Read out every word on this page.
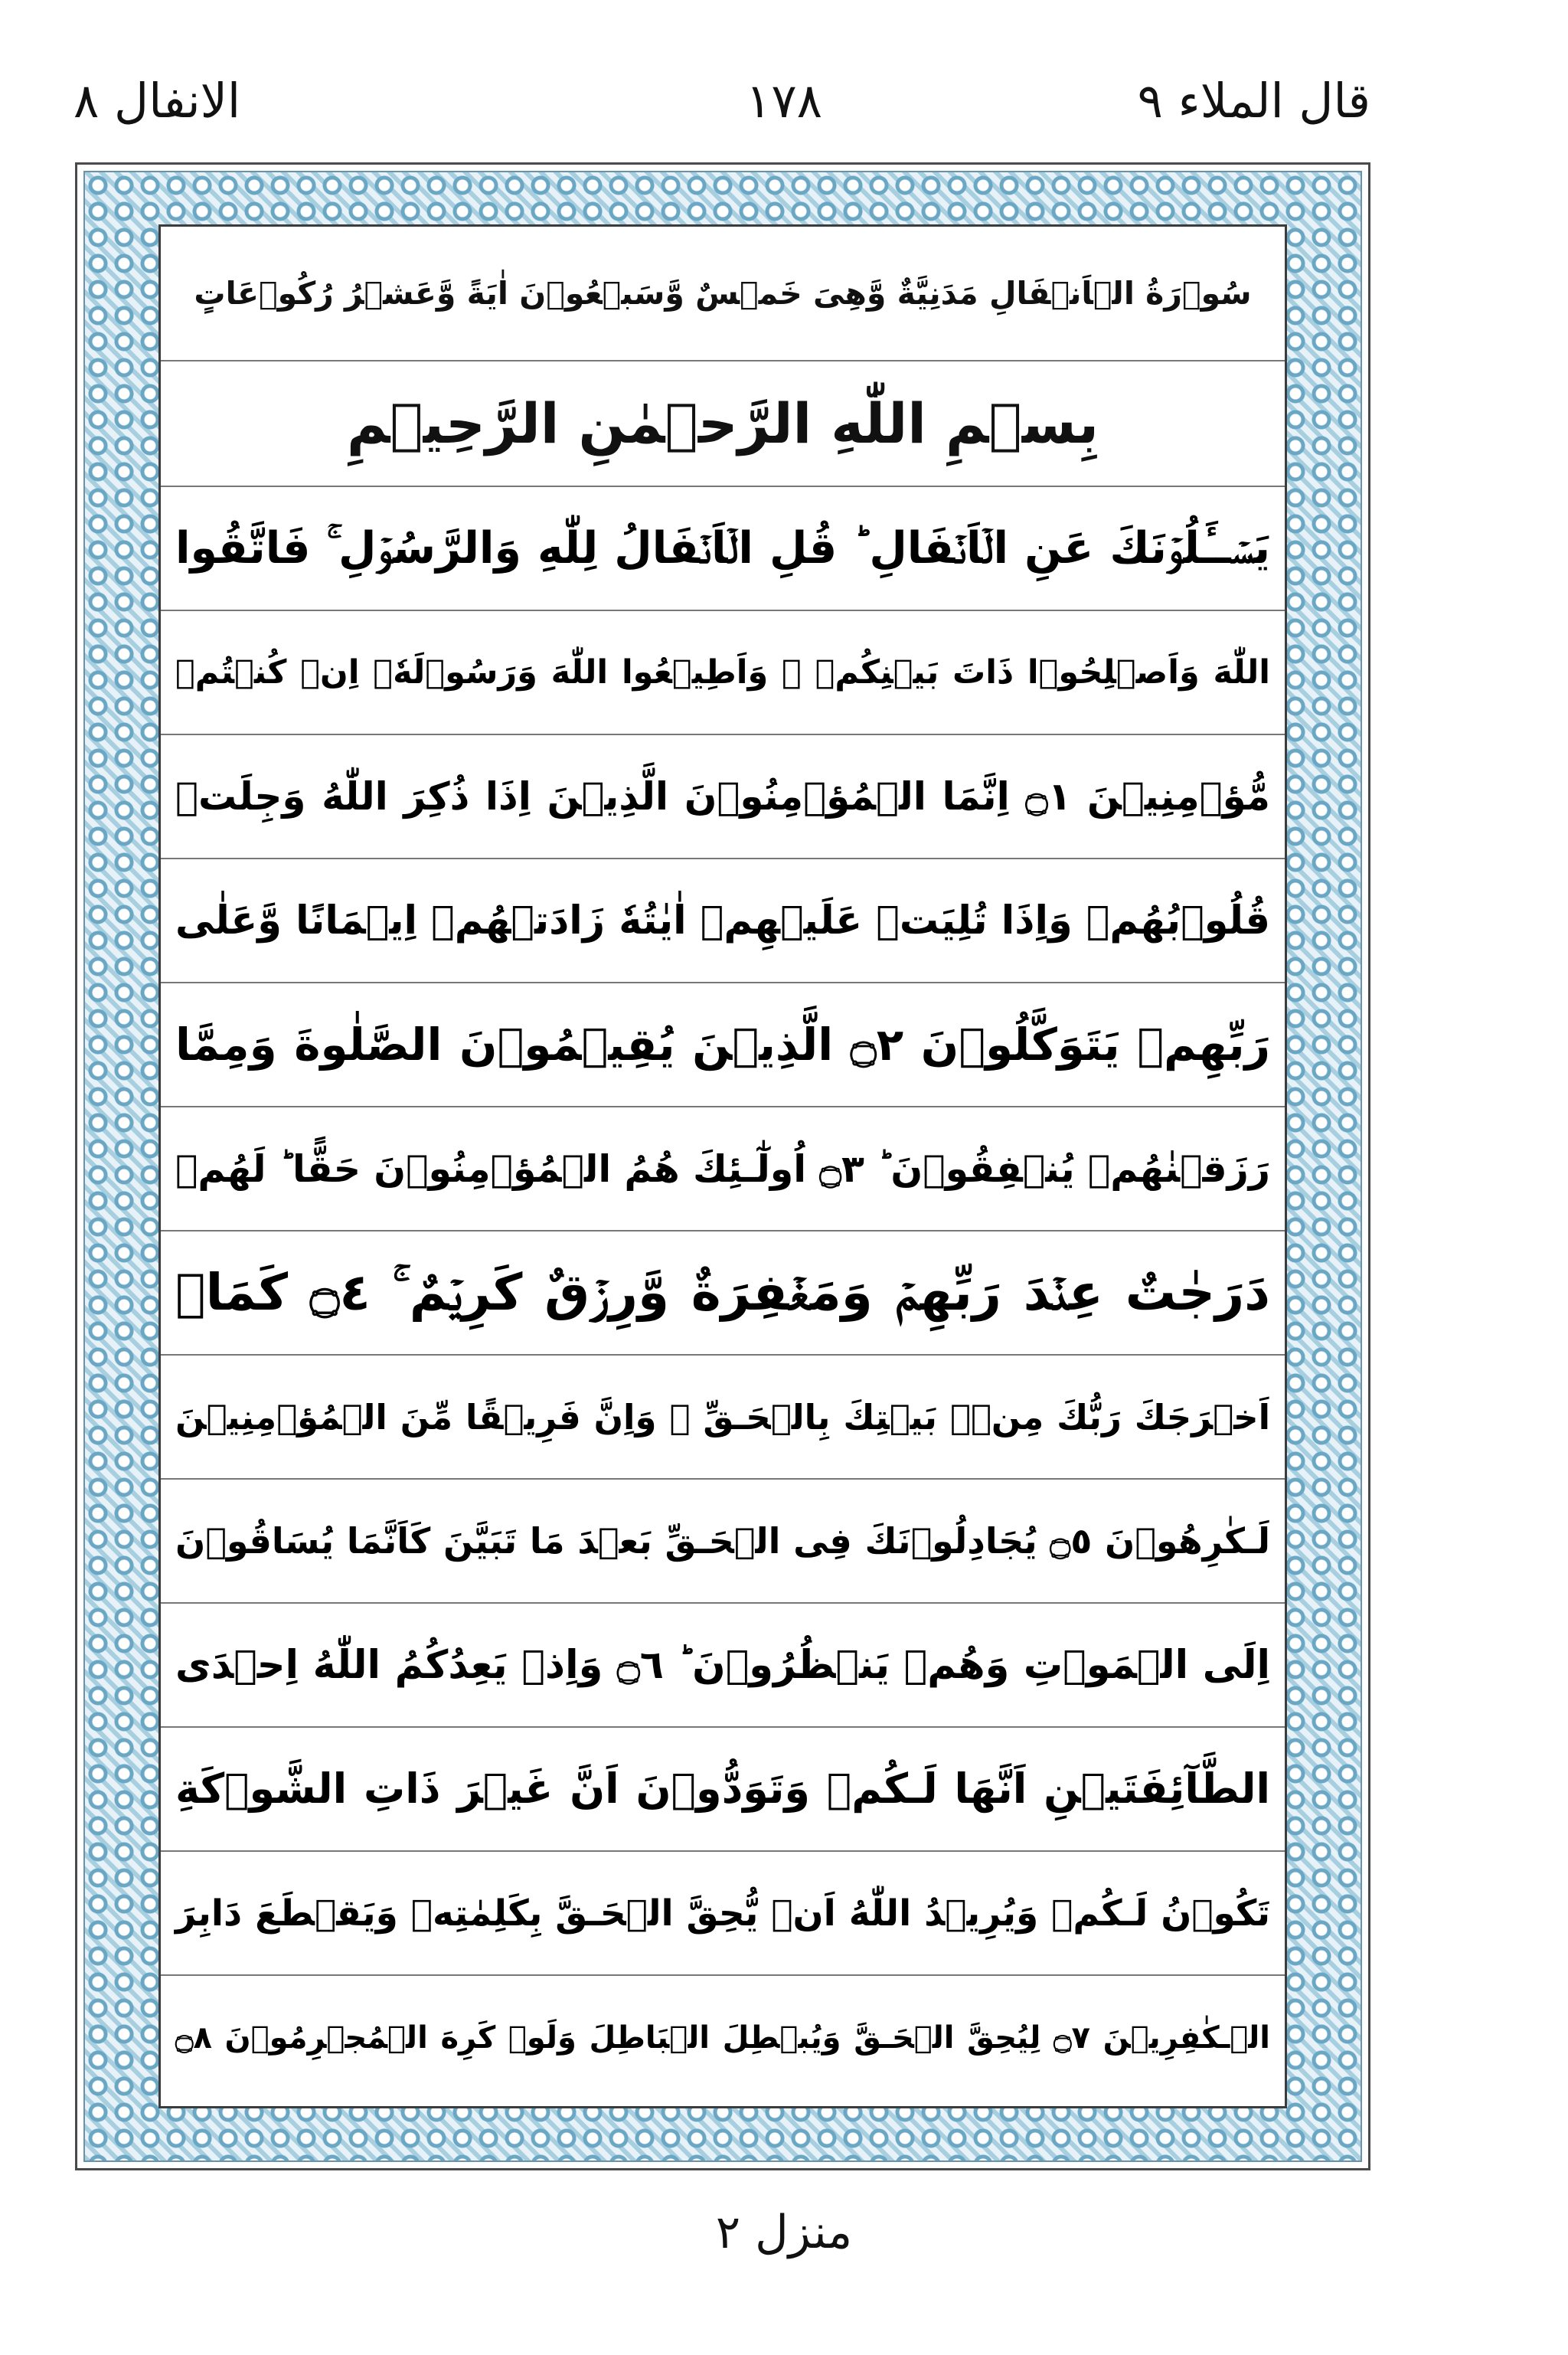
قال الملاء ٩
١٧٨
الانفال ٨
سُوۡرَةُ الۡاَنۡفَالِ مَدَنِيَّةٌ وَّهِىَ خَمۡسٌ وَّسَبۡعُوۡنَ اٰيَةً وَّعَشۡرُ رُكُوۡعَاتٍ
بِسۡمِ اللّٰهِ الرَّحۡمٰنِ الرَّحِيۡمِ
يَسۡــَٔلُوۡنَكَ عَنِ الۡاَنۡفَالِ ؕ قُلِ الۡاَنۡفَالُ لِلّٰهِ وَالرَّسُوۡلِ ۚ فَاتَّقُوا
اللّٰهَ وَاَصۡلِحُوۡا ذَاتَ بَيۡنِكُمۡ ۖ وَاَطِيۡعُوا اللّٰهَ وَرَسُوۡلَهٗۤ اِنۡ كُنۡتُمۡ
مُّؤۡمِنِيۡنَ ۝١ اِنَّمَا الۡمُؤۡمِنُوۡنَ الَّذِيۡنَ اِذَا ذُكِرَ اللّٰهُ وَجِلَتۡ
قُلُوۡبُهُمۡ وَاِذَا تُلِيَتۡ عَلَيۡهِمۡ اٰيٰتُهٗ زَادَتۡهُمۡ اِيۡمَانًا وَّعَلٰى
رَبِّهِمۡ يَتَوَكَّلُوۡنَ ۝٢ الَّذِيۡنَ يُقِيۡمُوۡنَ الصَّلٰوةَ وَمِمَّا
رَزَقۡنٰهُمۡ يُنۡفِقُوۡنَ ؕ ۝٣ اُولٰٓـئِكَ هُمُ الۡمُؤۡمِنُوۡنَ حَقًّا ؕ لَهُمۡ
دَرَجٰتٌ عِنۡدَ رَبِّهِمۡ وَمَغۡفِرَةٌ وَّرِزۡقٌ كَرِيۡمٌ ۚ ۝٤ كَمَاۤ
اَخۡرَجَكَ رَبُّكَ مِنۡۢ بَيۡتِكَ بِالۡحَـقِّ ۖ وَاِنَّ فَرِيۡقًا مِّنَ الۡمُؤۡمِنِيۡنَ
لَـكٰرِهُوۡنَ ۝٥ يُجَادِلُوۡنَكَ فِى الۡحَـقِّ بَعۡدَ مَا تَبَيَّنَ كَاَنَّمَا يُسَاقُوۡنَ
اِلَى الۡمَوۡتِ وَهُمۡ يَنۡظُرُوۡنَ ؕ ۝٦ وَاِذۡ يَعِدُكُمُ اللّٰهُ اِحۡدَى
الطَّآئِفَتَيۡنِ اَنَّهَا لَـكُمۡ وَتَوَدُّوۡنَ اَنَّ غَيۡرَ ذَاتِ الشَّوۡكَةِ
تَكُوۡنُ لَـكُمۡ وَيُرِيۡدُ اللّٰهُ اَنۡ يُّحِقَّ الۡحَـقَّ بِكَلِمٰتِهٖ وَيَقۡطَعَ دَابِرَ
الۡـكٰفِرِيۡنَ ۝٧ لِيُحِقَّ الۡحَـقَّ وَيُبۡطِلَ الۡبَاطِلَ وَلَوۡ كَرِهَ الۡمُجۡرِمُوۡنَ ۝٨
منزل ٢
